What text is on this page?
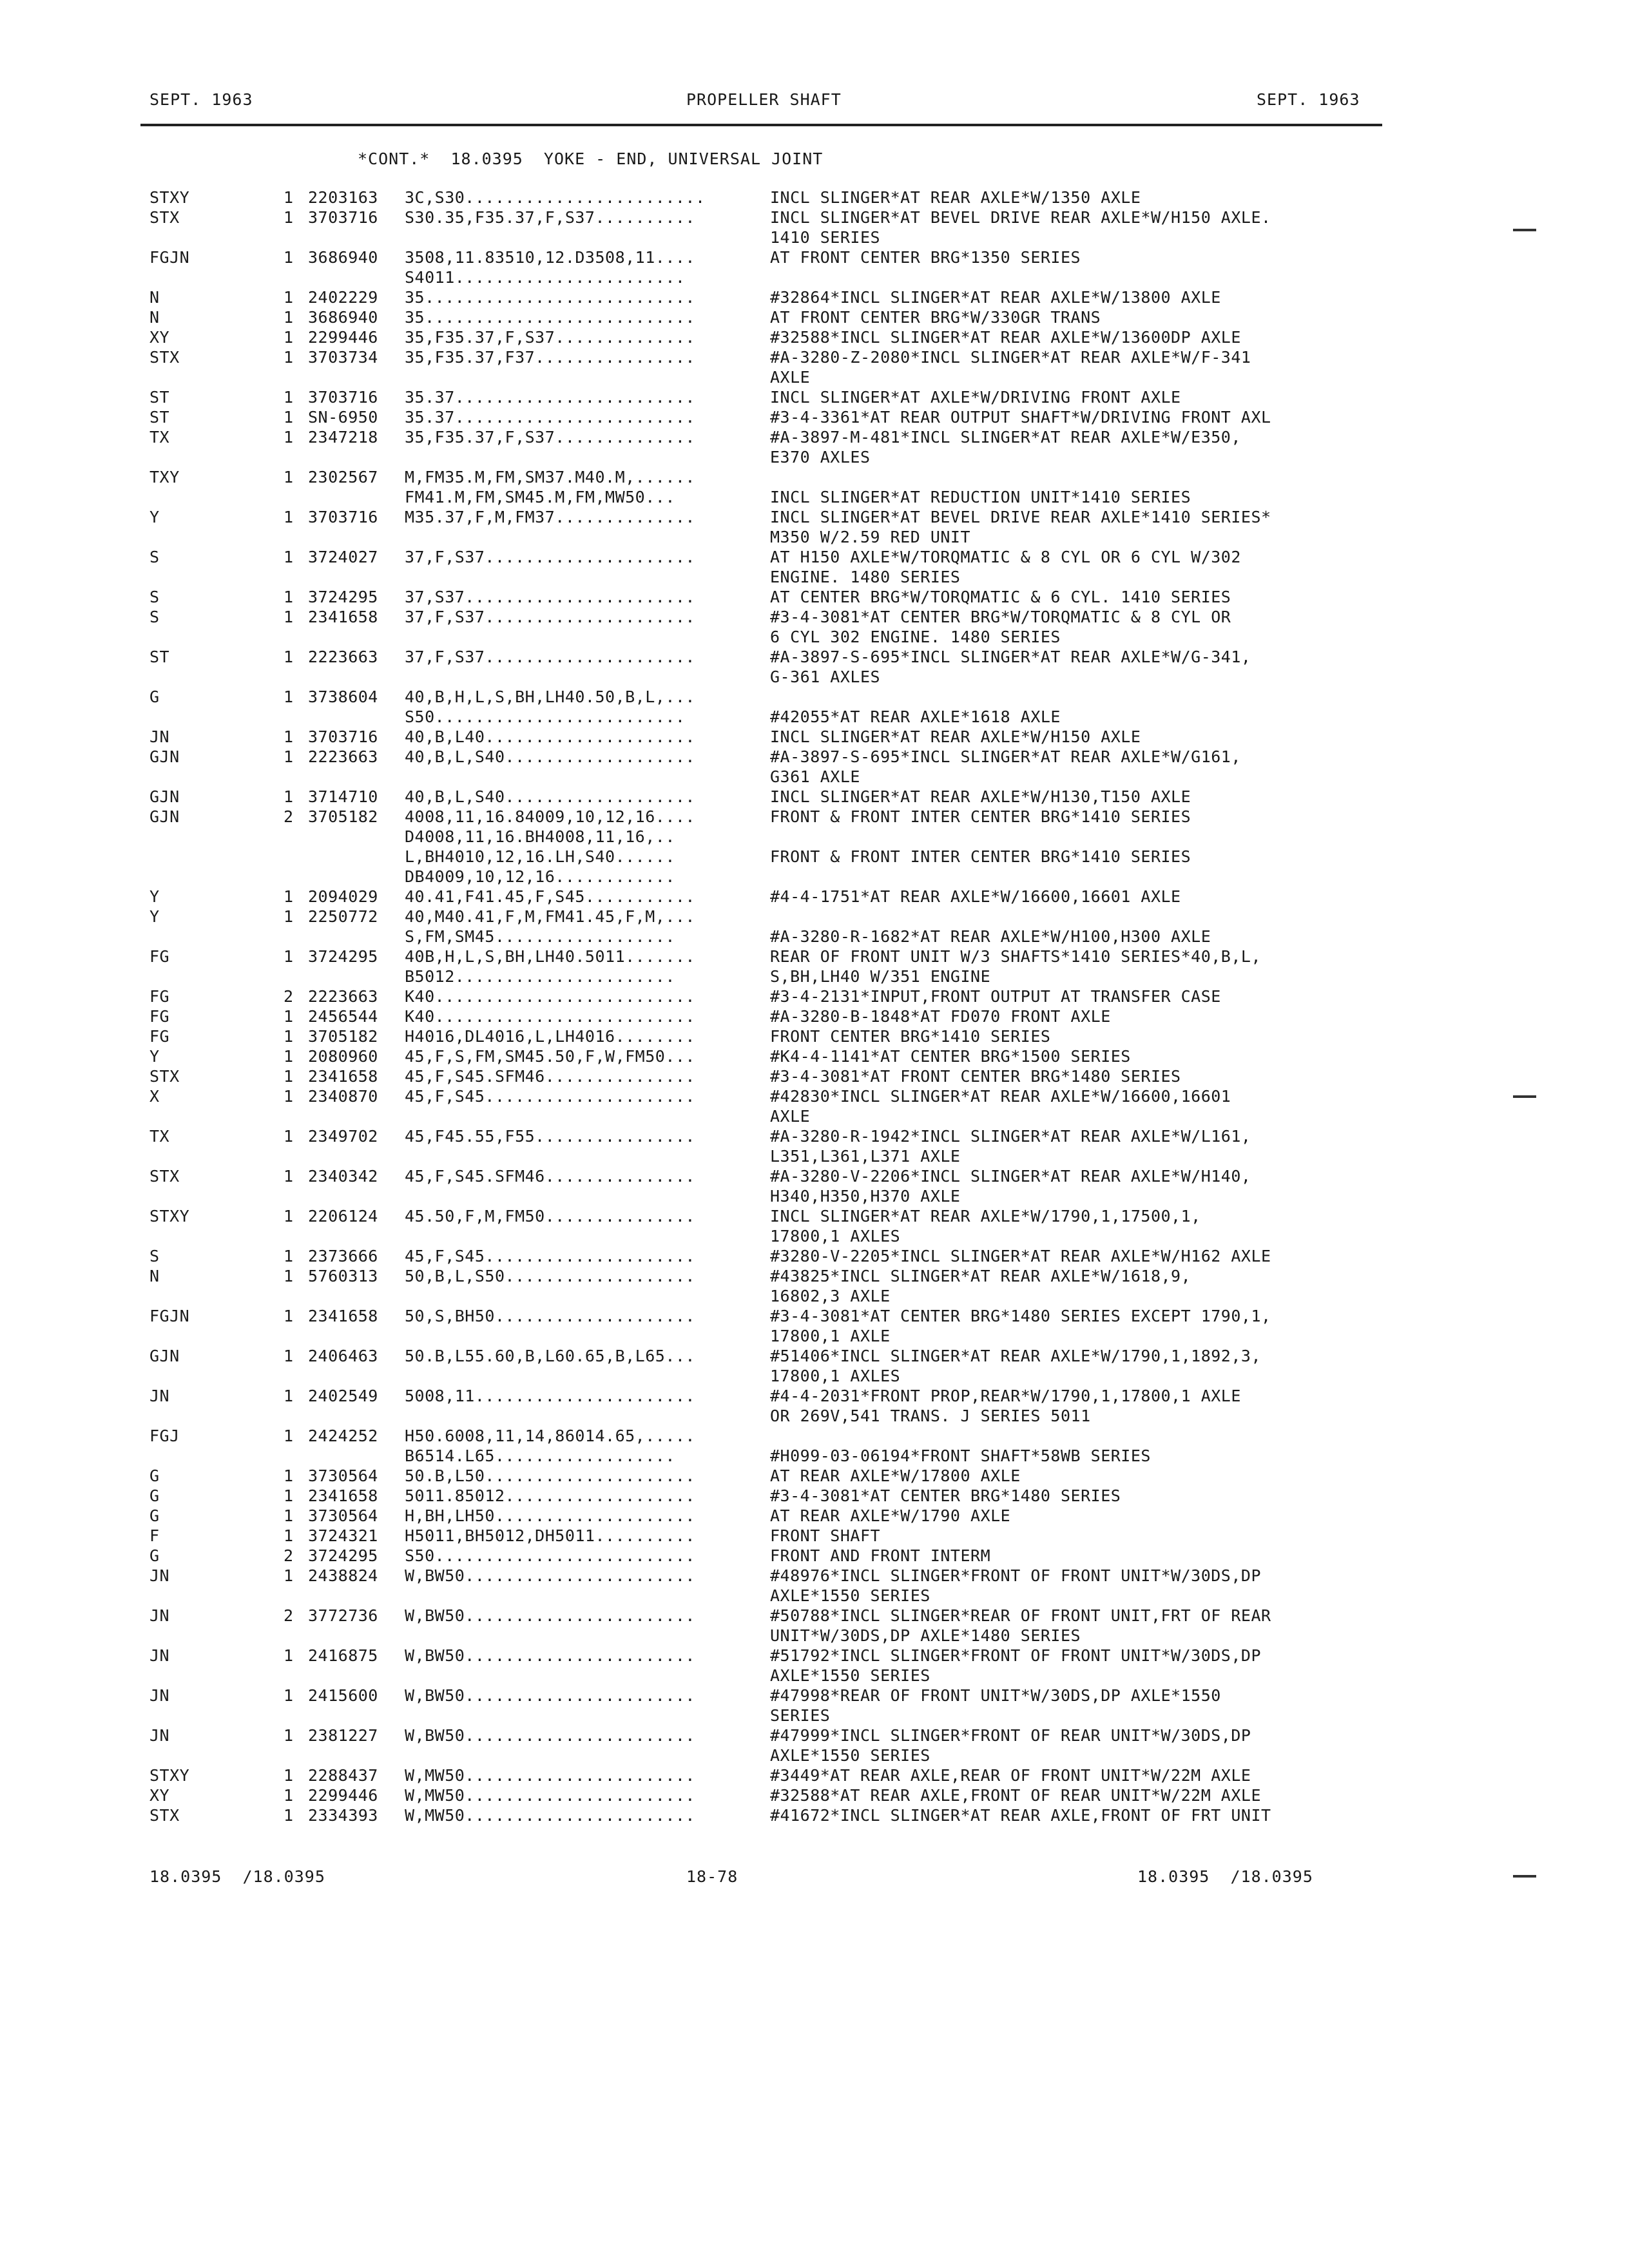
SEPT. 1963	PROPELLER SHAFT	SEPT. 1963
*CONT.*  18.0395  YOKE - END, UNIVERSAL JOINT
STXY	1 2203163 3C,S30........................	INCL SLINGER*AT REAR AXLE*W/1350 AXLE
STX	1 3703716 S30.35,F35.37,F,S37..........	INCL SLINGER*AT BEVEL DRIVE REAR AXLE*W/H150 AXLE.
1410 SERIES
FGJN	1 3686940 3508,11.83510,12.D3508,11....	AT FRONT CENTER BRG*1350 SERIES
S4011.......................
N	1 2402229 35...........................	#32864*INCL SLINGER*AT REAR AXLE*W/13800 AXLE
N	1 3686940 35...........................	AT FRONT CENTER BRG*W/330GR TRANS
XY	1 2299446 35,F35.37,F,S37..............	#32588*INCL SLINGER*AT REAR AXLE*W/13600DP AXLE
STX	1 3703734 35,F35.37,F37................	#A-3280-Z-2080*INCL SLINGER*AT REAR AXLE*W/F-341
AXLE
ST	1 3703716 35.37........................	INCL SLINGER*AT AXLE*W/DRIVING FRONT AXLE
ST	1 SN-6950 35.37........................	#3-4-3361*AT REAR OUTPUT SHAFT*W/DRIVING FRONT AXL
TX	1 2347218 35,F35.37,F,S37..............	#A-3897-M-481*INCL SLINGER*AT REAR AXLE*W/E350,
E370 AXLES
TXY	1 2302567 M,FM35.M,FM,SM37.M40.M,......
FM41.M,FM,SM45.M,FM,MW50...	INCL SLINGER*AT REDUCTION UNIT*1410 SERIES
Y	1 3703716 M35.37,F,M,FM37..............	INCL SLINGER*AT BEVEL DRIVE REAR AXLE*1410 SERIES*
M350 W/2.59 RED UNIT
S	1 3724027 37,F,S37.....................	AT H150 AXLE*W/TORQMATIC & 8 CYL OR 6 CYL W/302
ENGINE. 1480 SERIES
S	1 3724295 37,S37.......................	AT CENTER BRG*W/TORQMATIC & 6 CYL. 1410 SERIES
S	1 2341658 37,F,S37.....................	#3-4-3081*AT CENTER BRG*W/TORQMATIC & 8 CYL OR
6 CYL 302 ENGINE. 1480 SERIES
ST	1 2223663 37,F,S37.....................	#A-3897-S-695*INCL SLINGER*AT REAR AXLE*W/G-341,
G-361 AXLES
G	1 3738604 40,B,H,L,S,BH,LH40.50,B,L,...
S50.........................	#42055*AT REAR AXLE*1618 AXLE
JN	1 3703716 40,B,L40.....................	INCL SLINGER*AT REAR AXLE*W/H150 AXLE
GJN	1 2223663 40,B,L,S40...................	#A-3897-S-695*INCL SLINGER*AT REAR AXLE*W/G161,
G361 AXLE
GJN	1 3714710 40,B,L,S40...................	INCL SLINGER*AT REAR AXLE*W/H130,T150 AXLE
GJN	2 3705182 4008,11,16.84009,10,12,16....	FRONT & FRONT INTER CENTER BRG*1410 SERIES
D4008,11,16.BH4008,11,16,..
L,BH4010,12,16.LH,S40......	FRONT & FRONT INTER CENTER BRG*1410 SERIES
DB4009,10,12,16............
Y	1 2094029 40.41,F41.45,F,S45...........	#4-4-1751*AT REAR AXLE*W/16600,16601 AXLE
Y	1 2250772 40,M40.41,F,M,FM41.45,F,M,...
S,FM,SM45..................	#A-3280-R-1682*AT REAR AXLE*W/H100,H300 AXLE
FG	1 3724295 40B,H,L,S,BH,LH40.5011.......	REAR OF FRONT UNIT W/3 SHAFTS*1410 SERIES*40,B,L,
B5012......................	S,BH,LH40 W/351 ENGINE
FG	2 2223663 K40..........................	#3-4-2131*INPUT,FRONT OUTPUT AT TRANSFER CASE
FG	1 2456544 K40..........................	#A-3280-B-1848*AT FD070 FRONT AXLE
FG	1 3705182 H4016,DL4016,L,LH4016........	FRONT CENTER BRG*1410 SERIES
Y	1 2080960 45,F,S,FM,SM45.50,F,W,FM50...	#K4-4-1141*AT CENTER BRG*1500 SERIES
STX	1 2341658 45,F,S45.SFM46...............	#3-4-3081*AT FRONT CENTER BRG*1480 SERIES
X	1 2340870 45,F,S45.....................	#42830*INCL SLINGER*AT REAR AXLE*W/16600,16601
AXLE
TX	1 2349702 45,F45.55,F55................	#A-3280-R-1942*INCL SLINGER*AT REAR AXLE*W/L161,
L351,L361,L371 AXLE
STX	1 2340342 45,F,S45.SFM46...............	#A-3280-V-2206*INCL SLINGER*AT REAR AXLE*W/H140,
H340,H350,H370 AXLE
STXY	1 2206124 45.50,F,M,FM50...............	INCL SLINGER*AT REAR AXLE*W/1790,1,17500,1,
17800,1 AXLES
S	1 2373666 45,F,S45.....................	#3280-V-2205*INCL SLINGER*AT REAR AXLE*W/H162 AXLE
N	1 5760313 50,B,L,S50...................	#43825*INCL SLINGER*AT REAR AXLE*W/1618,9,
16802,3 AXLE
FGJN	1 2341658 50,S,BH50....................	#3-4-3081*AT CENTER BRG*1480 SERIES EXCEPT 1790,1,
17800,1 AXLE
GJN	1 2406463 50.B,L55.60,B,L60.65,B,L65...	#51406*INCL SLINGER*AT REAR AXLE*W/1790,1,1892,3,
17800,1 AXLES
JN	1 2402549 5008,11......................	#4-4-2031*FRONT PROP,REAR*W/1790,1,17800,1 AXLE
OR 269V,541 TRANS. J SERIES 5011
FGJ	1 2424252 H50.6008,11,14,86014.65,.....
B6514.L65..................	#H099-03-06194*FRONT SHAFT*58WB SERIES
G	1 3730564 50.B,L50.....................	AT REAR AXLE*W/17800 AXLE
G	1 2341658 5011.85012...................	#3-4-3081*AT CENTER BRG*1480 SERIES
G	1 3730564 H,BH,LH50....................	AT REAR AXLE*W/1790 AXLE
F	1 3724321 H5011,BH5012,DH5011..........	FRONT SHAFT
G	2 3724295 S50..........................	FRONT AND FRONT INTERM
JN	1 2438824 W,BW50.......................	#48976*INCL SLINGER*FRONT OF FRONT UNIT*W/30DS,DP
AXLE*1550 SERIES
JN	2 3772736 W,BW50.......................	#50788*INCL SLINGER*REAR OF FRONT UNIT,FRT OF REAR
UNIT*W/30DS,DP AXLE*1480 SERIES
JN	1 2416875 W,BW50.......................	#51792*INCL SLINGER*FRONT OF FRONT UNIT*W/30DS,DP
AXLE*1550 SERIES
JN	1 2415600 W,BW50.......................	#47998*REAR OF FRONT UNIT*W/30DS,DP AXLE*1550
SERIES
JN	1 2381227 W,BW50.......................	#47999*INCL SLINGER*FRONT OF REAR UNIT*W/30DS,DP
AXLE*1550 SERIES
STXY	1 2288437 W,MW50.......................	#3449*AT REAR AXLE,REAR OF FRONT UNIT*W/22M AXLE
XY	1 2299446 W,MW50.......................	#32588*AT REAR AXLE,FRONT OF REAR UNIT*W/22M AXLE
STX	1 2334393 W,MW50.......................	#41672*INCL SLINGER*AT REAR AXLE,FRONT OF FRT UNIT
18.0395  /18.0395	18-78	18.0395  /18.0395
